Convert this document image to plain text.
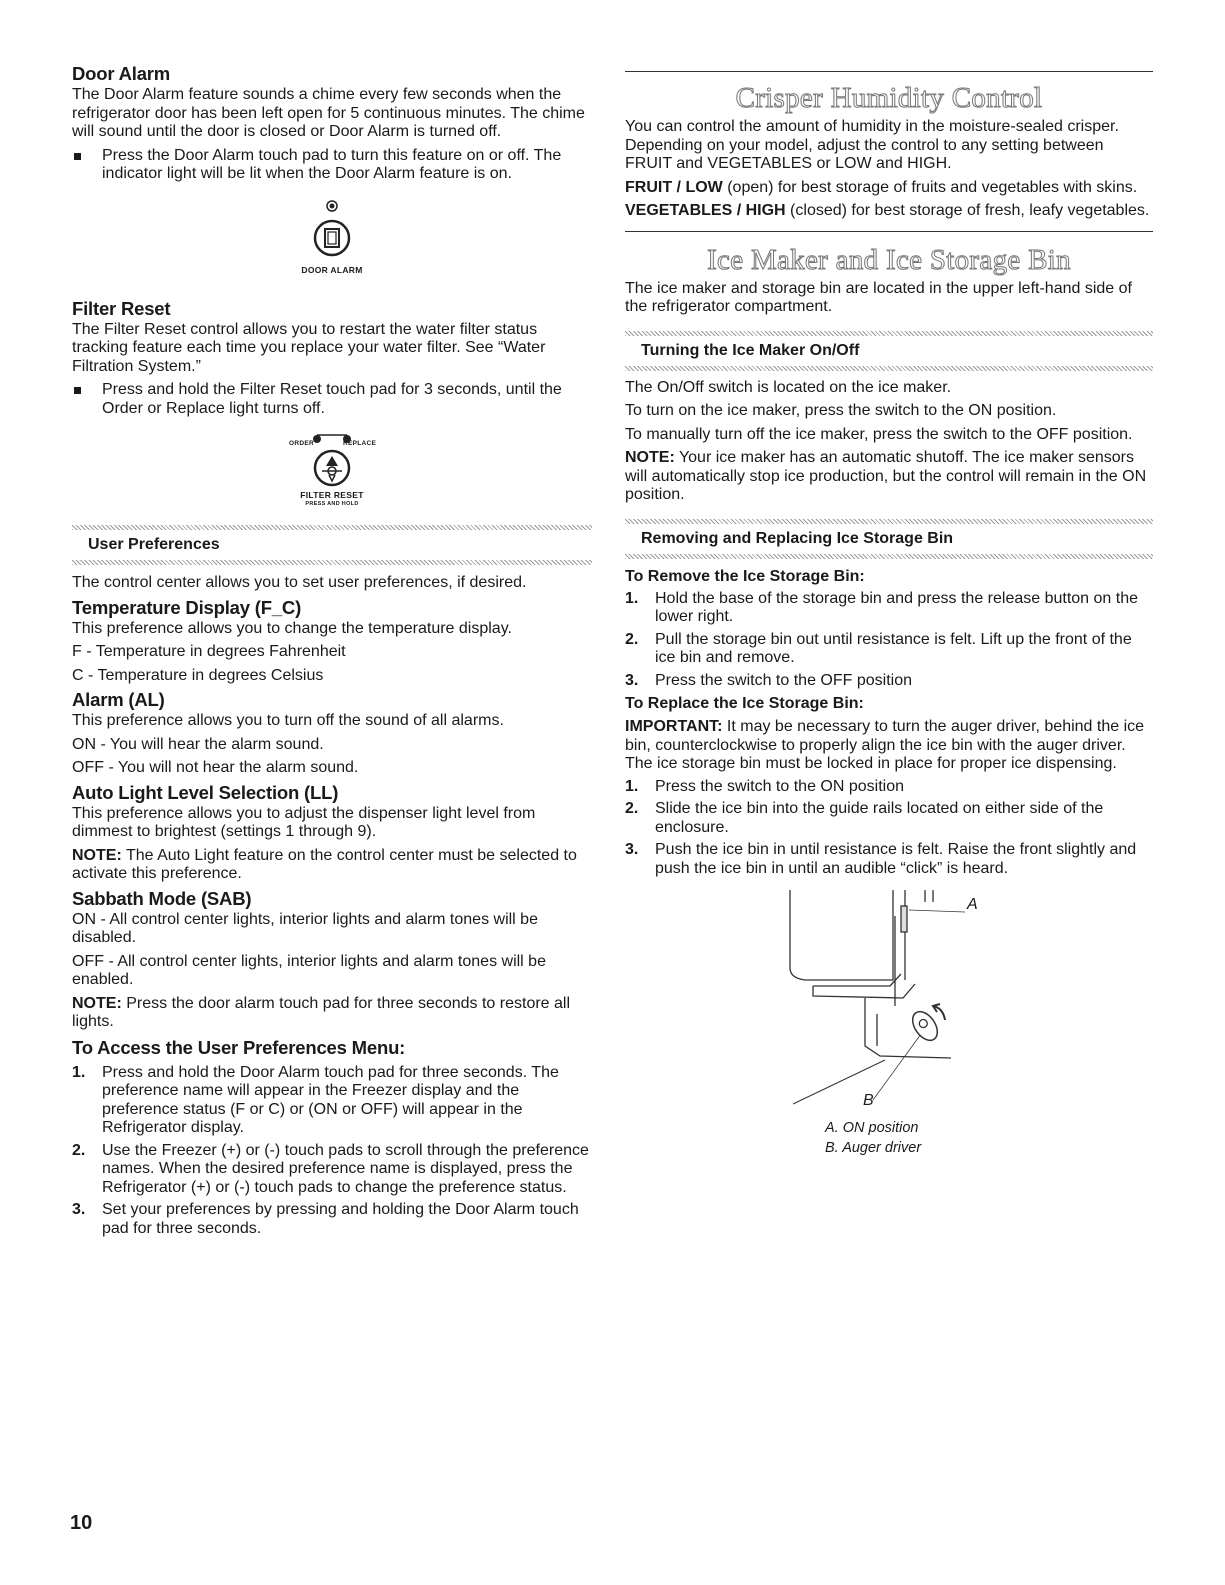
Door Alarm

The Door Alarm feature sounds a chime every few seconds when the refrigerator door has been left open for 5 continuous minutes. The chime will sound until the door is closed or Door Alarm is turned off.

Press the Door Alarm touch pad to turn this feature on or off. The indicator light will be lit when the Door Alarm feature is on.
DOOR ALARM
Filter Reset

The Filter Reset control allows you to restart the water filter status tracking feature each time you replace your water filter. See “Water Filtration System.”

Press and hold the Filter Reset touch pad for 3 seconds, until the Order or Replace light turns off.
ORDER	REPLACE
FILTER RESET
PRESS AND HOLD
User Preferences

The control center allows you to set user preferences, if desired.

Temperature Display (F_C)

This preference allows you to change the temperature display.

F - Temperature in degrees Fahrenheit

C - Temperature in degrees Celsius

Alarm (AL)

This preference allows you to turn off the sound of all alarms.

ON - You will hear the alarm sound.

OFF - You will not hear the alarm sound.

Auto Light Level Selection (LL)

This preference allows you to adjust the dispenser light level from dimmest to brightest (settings 1 through 9).

NOTE: The Auto Light feature on the control center must be selected to activate this preference.

Sabbath Mode (SAB)

ON - All control center lights, interior lights and alarm tones will be disabled.

OFF - All control center lights, interior lights and alarm tones will be enabled.

NOTE: Press the door alarm touch pad for three seconds to restore all lights.

To Access the User Preferences Menu:
1. Press and hold the Door Alarm touch pad for three seconds. The preference name will appear in the Freezer display and the preference status (F or C) or (ON or OFF) will appear in the Refrigerator display.
2. Use the Freezer (+) or (-) touch pads to scroll through the preference names. When the desired preference name is displayed, press the Refrigerator (+) or (-) touch pads to change the preference status.
3. Set your preferences by pressing and holding the Door Alarm touch pad for three seconds.
Crisper Humidity Control

You can control the amount of humidity in the moisture-sealed crisper. Depending on your model, adjust the control to any setting between FRUIT and VEGETABLES or LOW and HIGH.

FRUIT / LOW (open) for best storage of fruits and vegetables with skins.

VEGETABLES / HIGH (closed) for best storage of fresh, leafy vegetables.

Ice Maker and Ice Storage Bin

The ice maker and storage bin are located in the upper left-hand side of the refrigerator compartment.

Turning the Ice Maker On/Off

The On/Off switch is located on the ice maker.

To turn on the ice maker, press the switch to the ON position.

To manually turn off the ice maker, press the switch to the OFF position.

NOTE: Your ice maker has an automatic shutoff. The ice maker sensors will automatically stop ice production, but the control will remain in the ON position.

Removing and Replacing Ice Storage Bin
To Remove the Ice Storage Bin:
1. Hold the base of the storage bin and press the release button on the lower right.
2. Pull the storage bin out until resistance is felt. Lift up the front of the ice bin and remove.
3. Press the switch to the OFF position
To Replace the Ice Storage Bin:

IMPORTANT: It may be necessary to turn the auger driver, behind the ice bin, counterclockwise to properly align the ice bin with the auger driver. The ice storage bin must be locked in place for proper ice dispensing.

1. Press the switch to the ON position
2. Slide the ice bin into the guide rails located on either side of the enclosure.
3. Push the ice bin in until resistance is felt. Raise the front slightly and push the ice bin in until an audible “click” is heard.
A
B
A. ON position
B. Auger driver
10
